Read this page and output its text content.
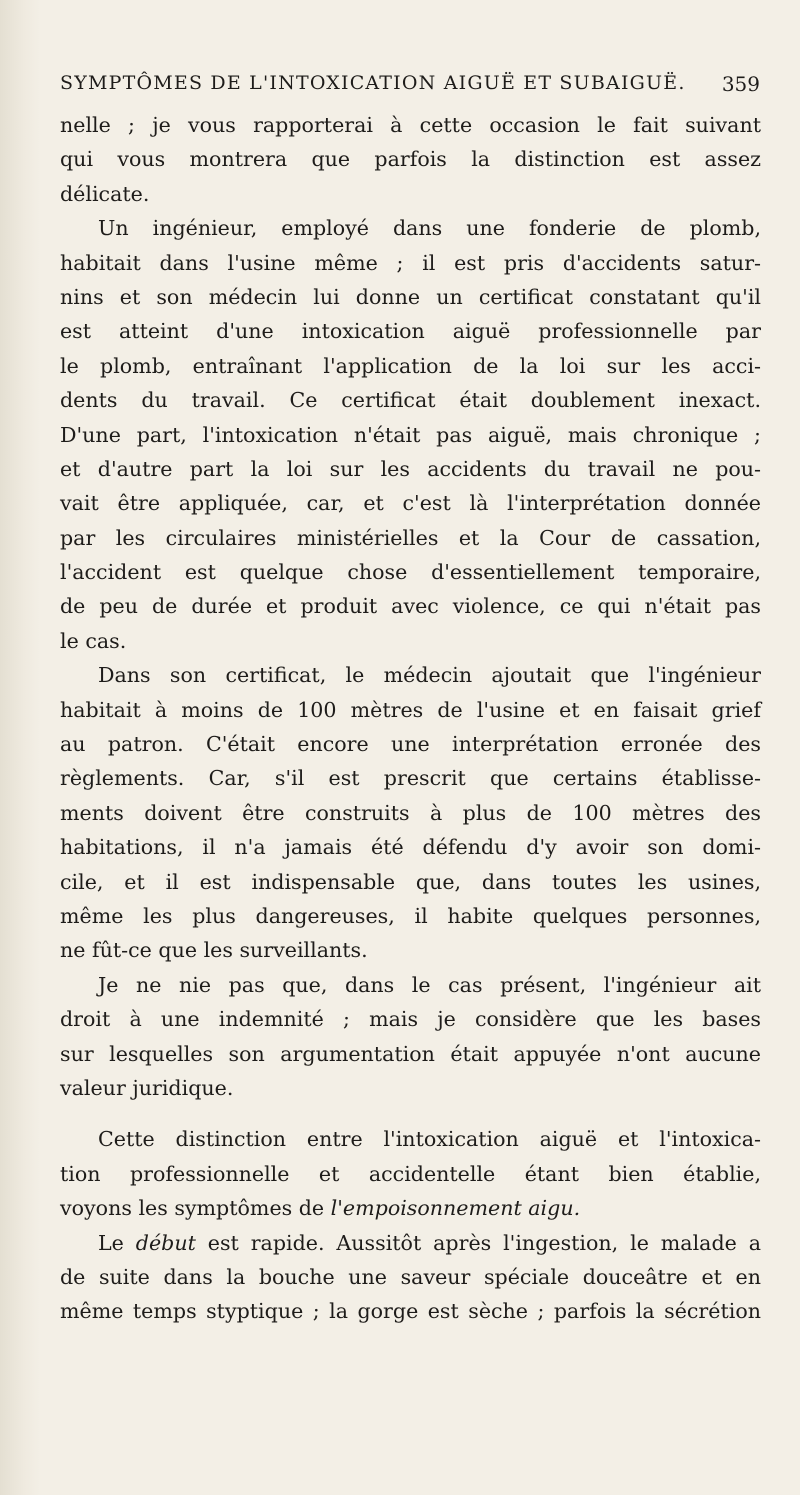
SYMPTÔMES DE L'INTOXICATION AIGUË ET SUBAIGUË. 359
nelle ; je vous rapporterai à cette occasion le fait suivant
qui vous montrera que parfois la distinction est assez
délicate.
Un ingénieur, employé dans une fonderie de plomb,
habitait dans l'usine même ; il est pris d'accidents satur-
nins et son médecin lui donne un certificat constatant qu'il
est atteint d'une intoxication aiguë professionnelle par
le plomb, entraînant l'application de la loi sur les acci-
dents du travail. Ce certificat était doublement inexact.
D'une part, l'intoxication n'était pas aiguë, mais chronique ;
et d'autre part la loi sur les accidents du travail ne pou-
vait être appliquée, car, et c'est là l'interprétation donnée
par les circulaires ministérielles et la Cour de cassation,
l'accident est quelque chose d'essentiellement temporaire,
de peu de durée et produit avec violence, ce qui n'était pas
le cas.
Dans son certificat, le médecin ajoutait que l'ingénieur
habitait à moins de 100 mètres de l'usine et en faisait grief
au patron. C'était encore une interprétation erronée des
règlements. Car, s'il est prescrit que certains établisse-
ments doivent être construits à plus de 100 mètres des
habitations, il n'a jamais été défendu d'y avoir son domi-
cile, et il est indispensable que, dans toutes les usines,
même les plus dangereuses, il habite quelques personnes,
ne fût-ce que les surveillants.
Je ne nie pas que, dans le cas présent, l'ingénieur ait
droit à une indemnité ; mais je considère que les bases
sur lesquelles son argumentation était appuyée n'ont aucune
valeur juridique.
Cette distinction entre l'intoxication aiguë et l'intoxica-
tion professionnelle et accidentelle étant bien établie,
voyons les symptômes de l'empoisonnement aigu.
Le début est rapide. Aussitôt après l'ingestion, le malade a
de suite dans la bouche une saveur spéciale douceâtre et en
même temps styptique ; la gorge est sèche ; parfois la sécrétion
